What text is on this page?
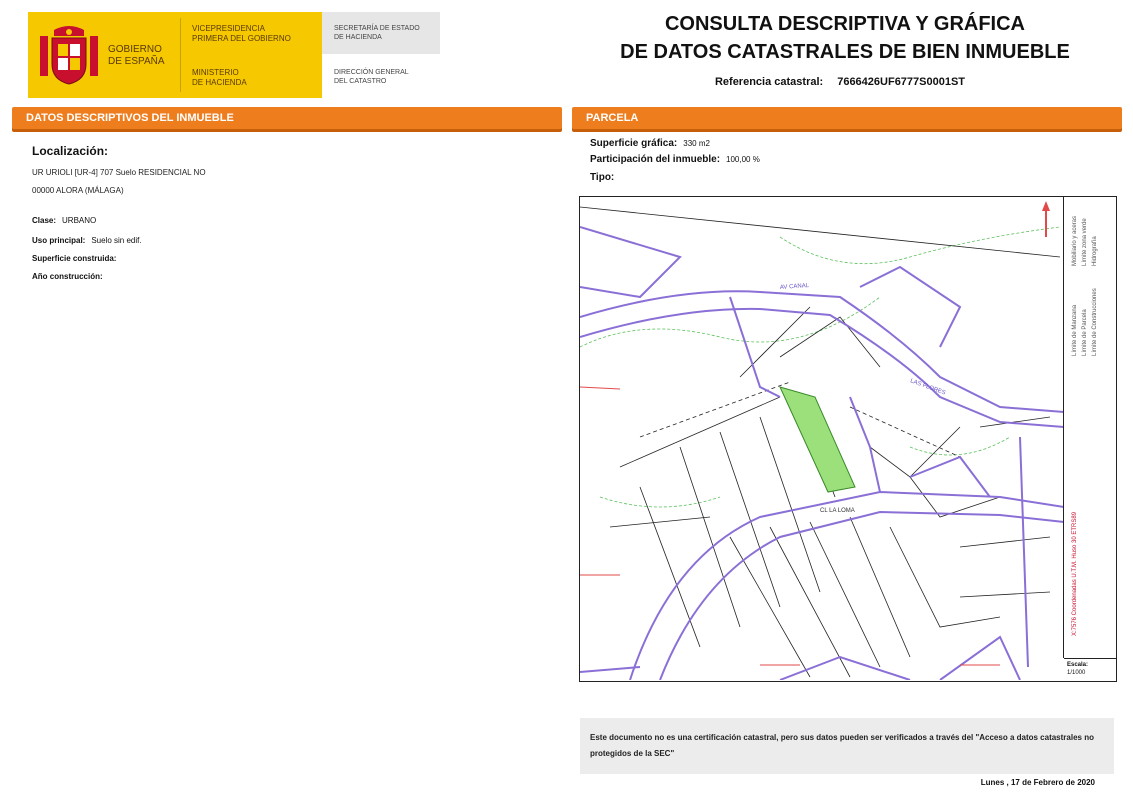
GOBIERNO
DE ESPAÑA
VICEPRESIDENCIA
PRIMERA DEL GOBIERNO
MINISTERIO
DE HACIENDA
SECRETARÍA DE ESTADO
DE HACIENDA
DIRECCIÓN GENERAL
DEL CATASTRO
CONSULTA DESCRIPTIVA Y GRÁFICA
DE DATOS CATASTRALES DE BIEN INMUEBLE
Referencia catastral: 7666426UF6777S0001ST
DATOS DESCRIPTIVOS DEL INMUEBLE	PARCELA
Localización:
UR URIOLI [UR-4] 707 Suelo RESIDENCIAL NO
00000 ALORA (MÁLAGA)
Clase: URBANO
Uso principal: Suelo sin edif.
Superficie construida:
Año construcción:
Superficie gráfica: 330 m2
Participación del inmueble: 100,00 %
Tipo:
AV CANAL
LAS FLORES
CL LA LOMA
Límite de Manzana Límite de Parcela Límite de Construcciones
Mobiliario y aceras Límite zona verde Hidrografía
X:7576 Coordenadas U.T.M. Huso 30 ETRS89
Escala:
1/1000
Este documento no es una certificación catastral, pero sus datos pueden ser verificados a través del "Acceso a datos catastrales no protegidos de la SEC"
Lunes , 17 de Febrero de 2020
